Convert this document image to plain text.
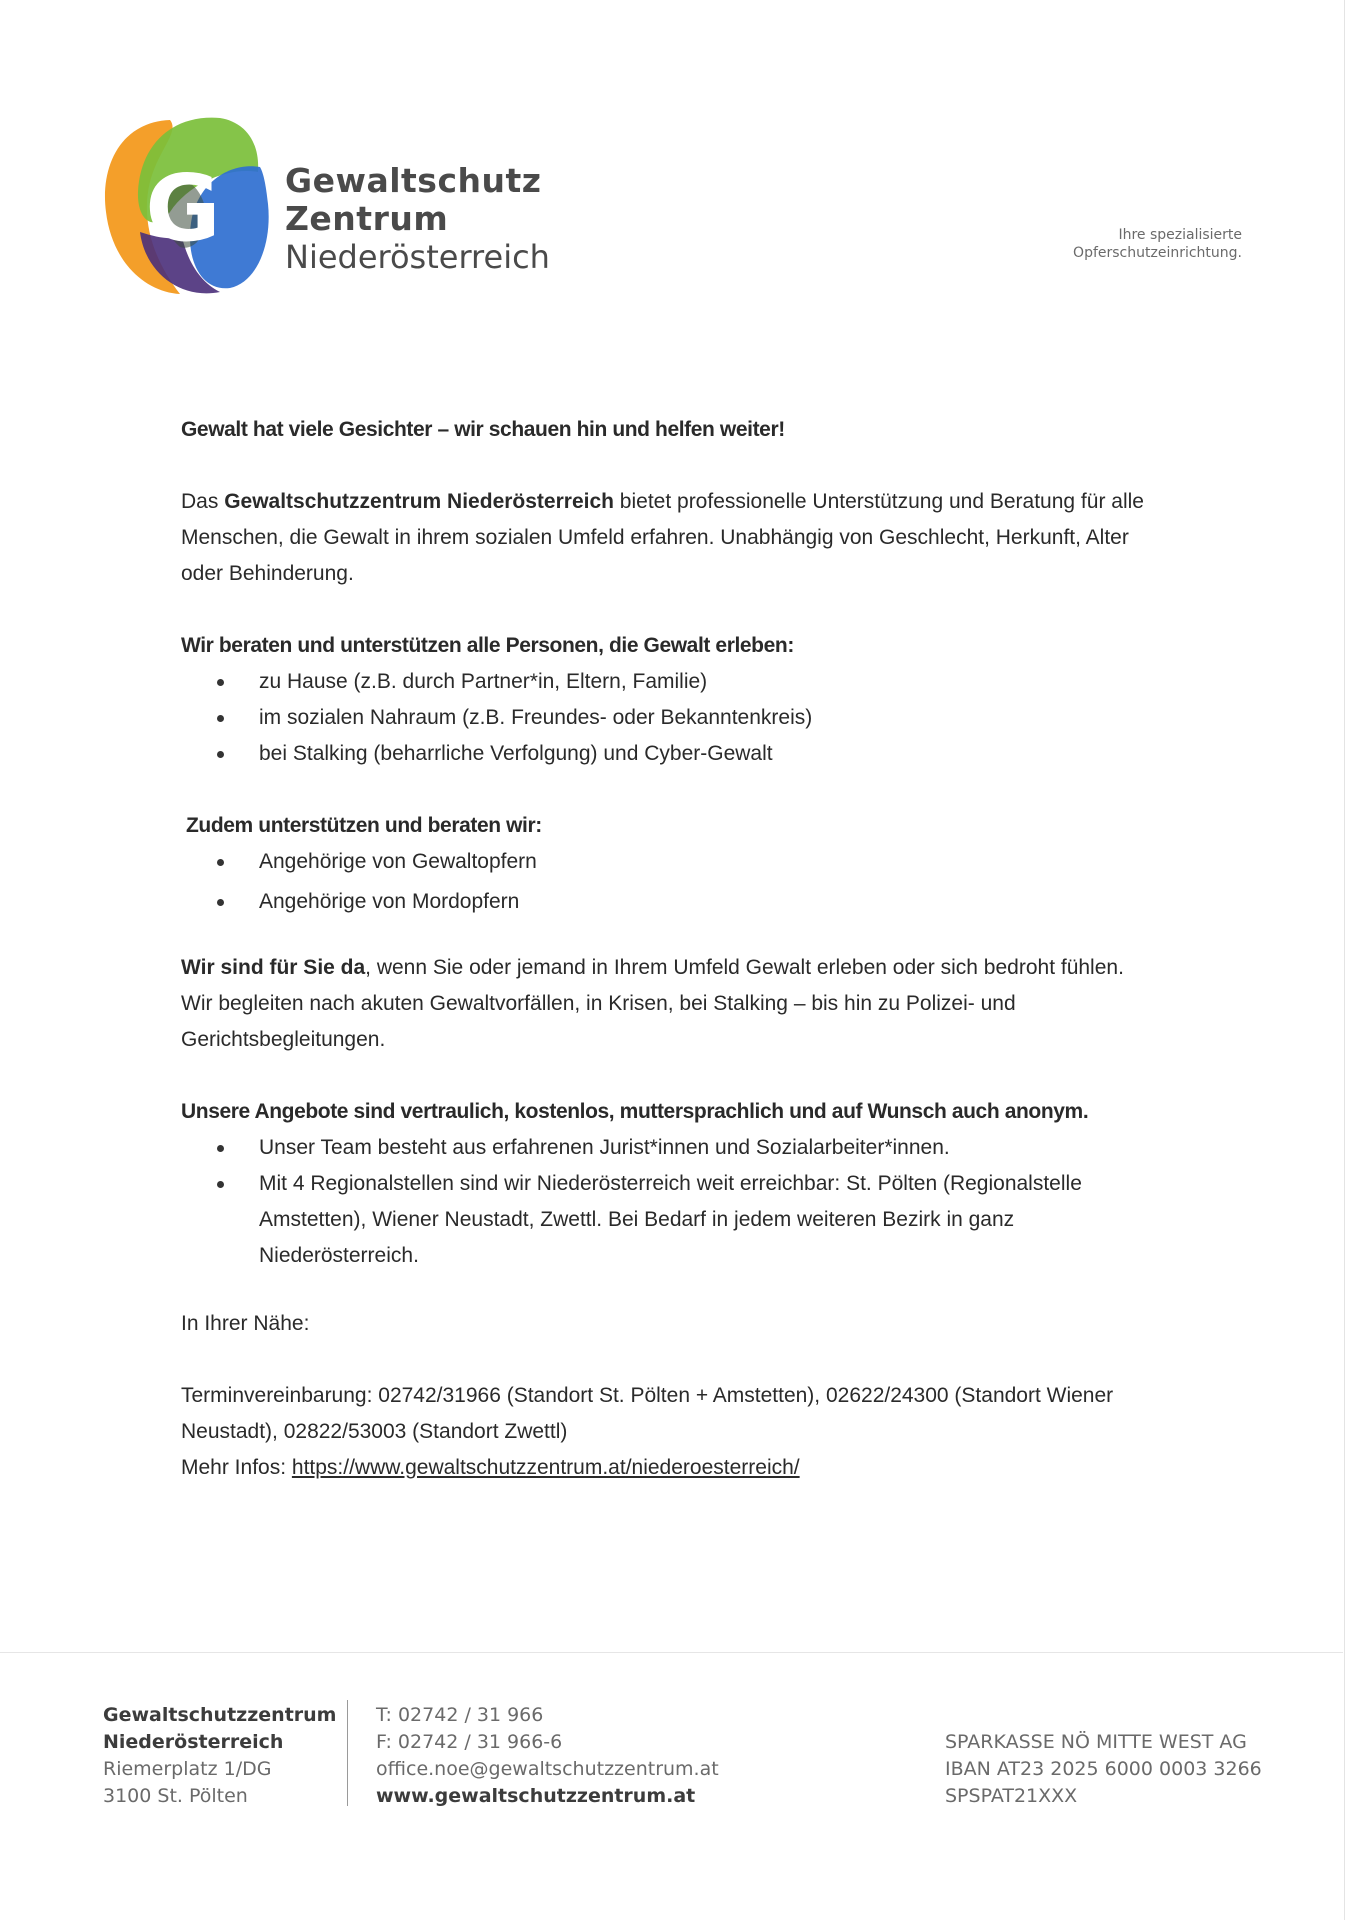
G Gewaltschutz
Zentrum
Niederösterreich
Ihre spezialisierte
Opferschutzeinrichtung.

Gewalt hat viele Gesichter – wir schauen hin und helfen weiter!

Das Gewaltschutzzentrum Niederösterreich bietet professionelle Unterstützung und Beratung für alle Menschen, die Gewalt in ihrem sozialen Umfeld erfahren. Unabhängig von Geschlecht, Herkunft, Alter oder Behinderung.

Wir beraten und unterstützen alle Personen, die Gewalt erleben:

zu Hause (z.B. durch Partner*in, Eltern, Familie)
im sozialen Nahraum (z.B. Freundes- oder Bekanntenkreis)
bei Stalking (beharrliche Verfolgung) und Cyber-Gewalt

Zudem unterstützen und beraten wir:

Angehörige von Gewaltopfern
Angehörige von Mordopfern

Wir sind für Sie da, wenn Sie oder jemand in Ihrem Umfeld Gewalt erleben oder sich bedroht fühlen. Wir begleiten nach akuten Gewaltvorfällen, in Krisen, bei Stalking – bis hin zu Polizei- und Gerichtsbegleitungen.

Unsere Angebote sind vertraulich, kostenlos, muttersprachlich und auf Wunsch auch anonym.

Unser Team besteht aus erfahrenen Jurist*innen und Sozialarbeiter*innen.
Mit 4 Regionalstellen sind wir Niederösterreich weit erreichbar: St. Pölten (Regionalstelle Amstetten), Wiener Neustadt, Zwettl. Bei Bedarf in jedem weiteren Bezirk in ganz Niederösterreich.

In Ihrer Nähe:

Terminvereinbarung: 02742/31966 (Standort St. Pölten + Amstetten), 02622/24300 (Standort Wiener Neustadt), 02822/53003 (Standort Zwettl)

Mehr Infos: https://www.gewaltschutzzentrum.at/niederoesterreich/

Gewaltschutzzentrum
Niederösterreich
Riemerplatz 1/DG
3100 St. Pölten
T: 02742 / 31 966
F: 02742 / 31 966-6
office.noe@gewaltschutzzentrum.at
www.gewaltschutzzentrum.at
SPARKASSE NÖ MITTE WEST AG
IBAN AT23 2025 6000 0003 3266
SPSPAT21XXX
